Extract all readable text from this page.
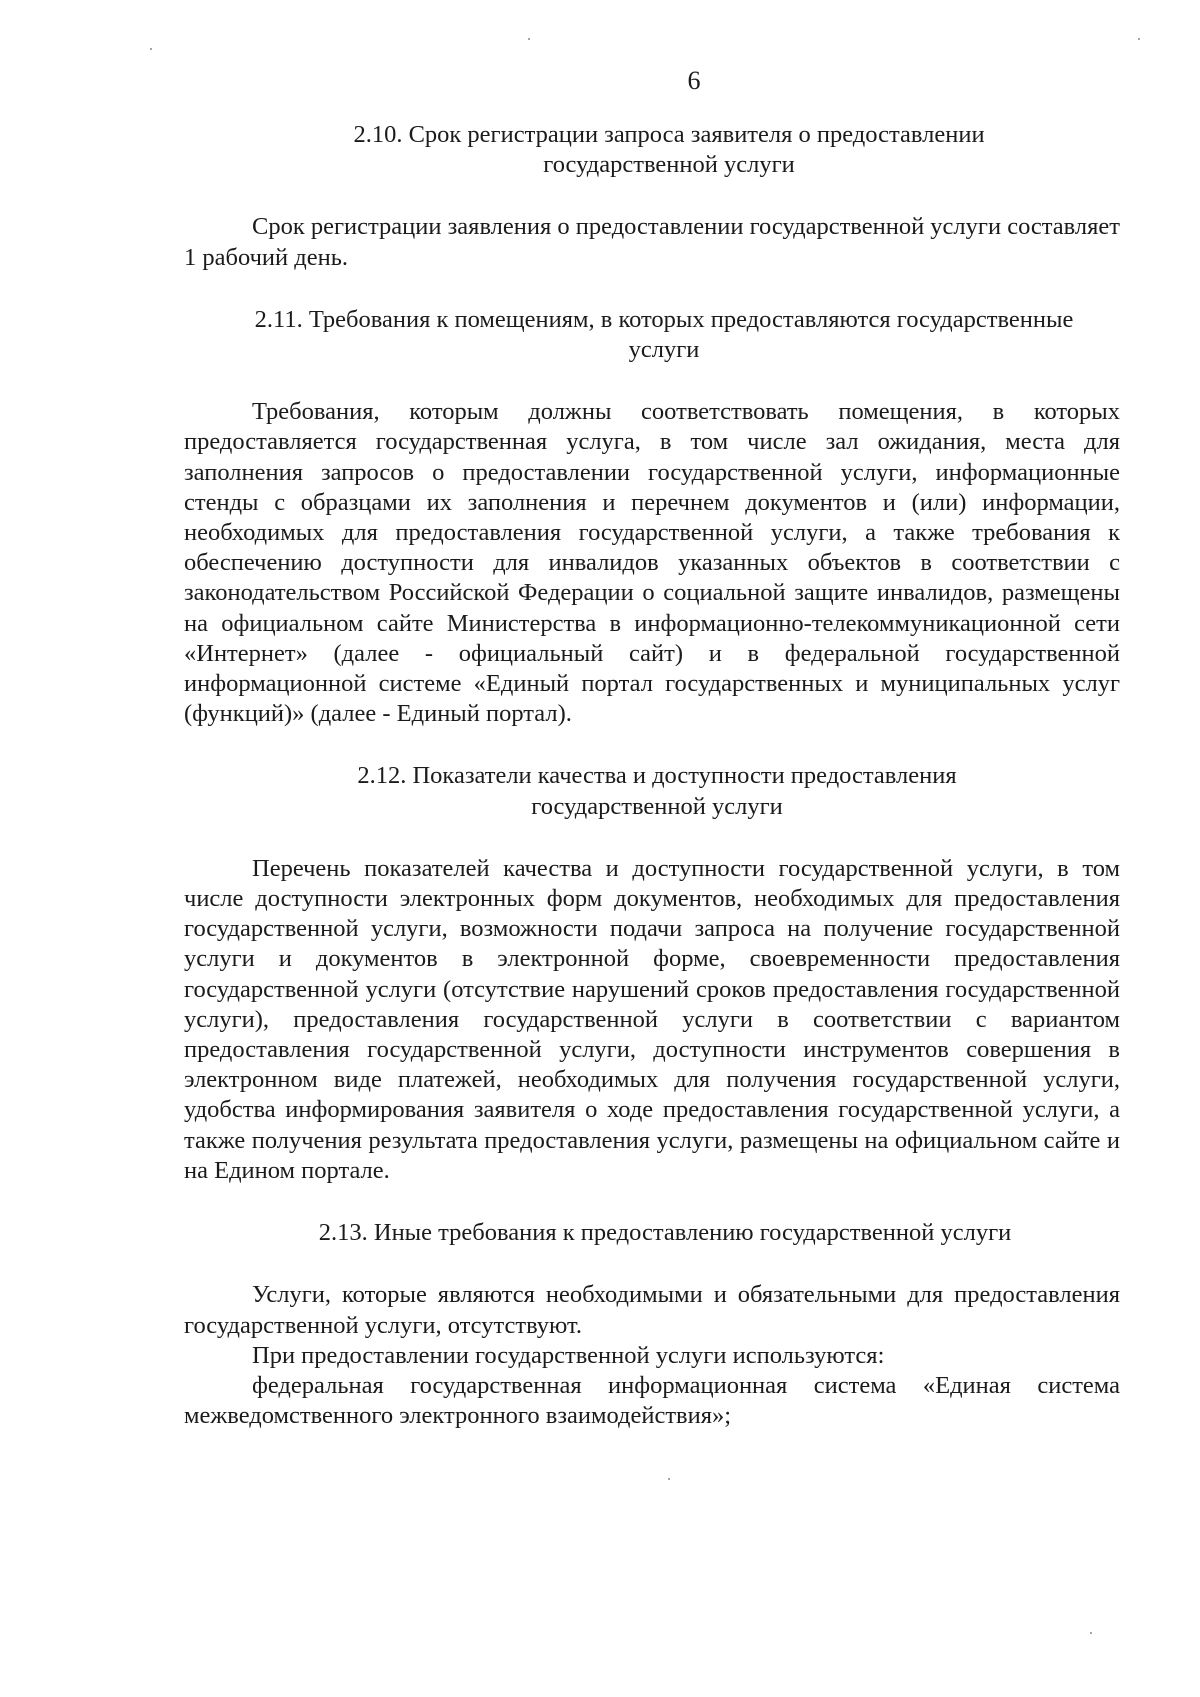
6
2.10. Срок регистрации запроса заявителя о предоставлении
государственной услуги

Срок регистрации заявления о предоставлении государственной услуги составляет 1 рабочий день.

2.11. Требования к помещениям, в которых предоставляются государственные
услуги

Требования, которым должны соответствовать помещения, в которых предоставляется государственная услуга, в том числе зал ожидания, места для заполнения запросов о предоставлении государственной услуги, информационные стенды с образцами их заполнения и перечнем документов и (или) информации, необходимых для предоставления государственной услуги, а также требования к обеспечению доступности для инвалидов указанных объектов в соответствии с законодательством Российской Федерации о социальной защите инвалидов, размещены на официальном сайте Министерства в информационно-телекоммуникационной сети «Интернет» (далее - официальный сайт) и в федеральной государственной информационной системе «Единый портал государственных и муниципальных услуг (функций)» (далее - Единый портал).

2.12. Показатели качества и доступности предоставления
государственной услуги

Перечень показателей качества и доступности государственной услуги, в том числе доступности электронных форм документов, необходимых для предоставления государственной услуги, возможности подачи запроса на получение государственной услуги и документов в электронной форме, своевременности предоставления государственной услуги (отсутствие нарушений сроков предоставления государственной услуги), предоставления государственной услуги в соответствии с вариантом предоставления государственной услуги, доступности инструментов совершения в электронном виде платежей, необходимых для получения государственной услуги, удобства информирования заявителя о ходе предоставления государственной услуги, а также получения результата предоставления услуги, размещены на официальном сайте и на Едином портале.

2.13. Иные требования к предоставлению государственной услуги

Услуги, которые являются необходимыми и обязательными для предоставления государственной услуги, отсутствуют.

При предоставлении государственной услуги используются:

федеральная государственная информационная система «Единая система межведомственного электронного взаимодействия»;
